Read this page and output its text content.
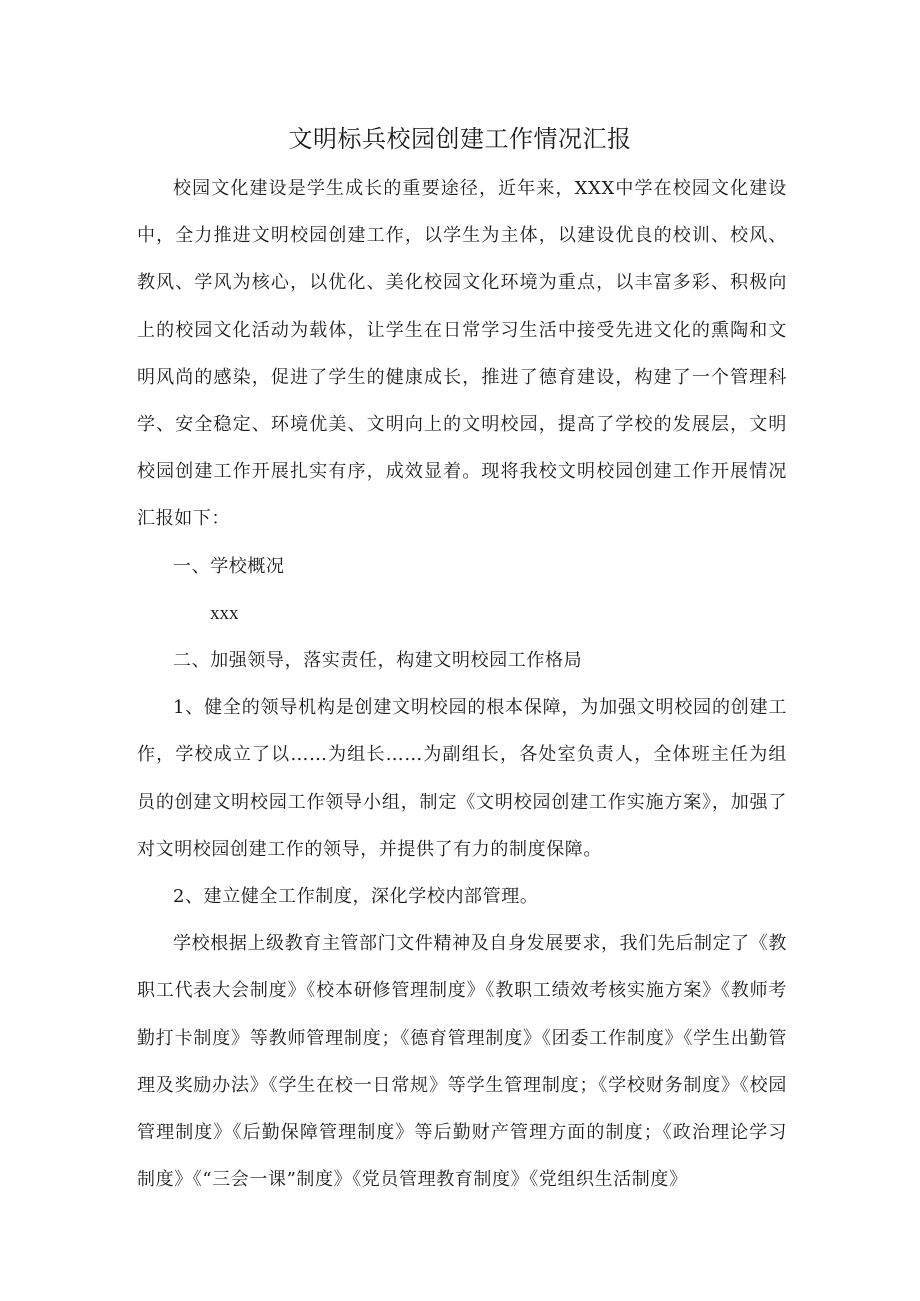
文明标兵校园创建工作情况汇报

校园文化建设是学生成长的重要途径，近年来，XXX中学在校园文化建设中，全力推进文明校园创建工作，以学生为主体，以建设优良的校训、校风、教风、学风为核心，以优化、美化校园文化环境为重点，以丰富多彩、积极向上的校园文化活动为载体，让学生在日常学习生活中接受先进文化的熏陶和文明风尚的感染，促进了学生的健康成长，推进了德育建设，构建了一个管理科学、安全稳定、环境优美、文明向上的文明校园，提高了学校的发展层，文明校园创建工作开展扎实有序，成效显着。现将我校文明校园创建工作开展情况汇报如下：

一、学校概况

xxx

二、加强领导，落实责任，构建文明校园工作格局

1、健全的领导机构是创建文明校园的根本保障，为加强文明校园的创建工作，学校成立了以……为组长……为副组长，各处室负责人，全体班主任为组员的创建文明校园工作领导小组，制定《文明校园创建工作实施方案》，加强了对文明校园创建工作的领导，并提供了有力的制度保障。

2、建立健全工作制度，深化学校内部管理。

学校根据上级教育主管部门文件精神及自身发展要求，我们先后制定了《教职工代表大会制度》《校本研修管理制度》《教职工绩效考核实施方案》《教师考勤打卡制度》等教师管理制度；《德育管理制度》《团委工作制度》《学生出勤管理及奖励办法》《学生在校一日常规》等学生管理制度；《学校财务制度》《校园管理制度》《后勤保障管理制度》等后勤财产管理方面的制度；《政治理论学习制度》《“三会一课”制度》《党员管理教育制度》《党组织生活制度》
